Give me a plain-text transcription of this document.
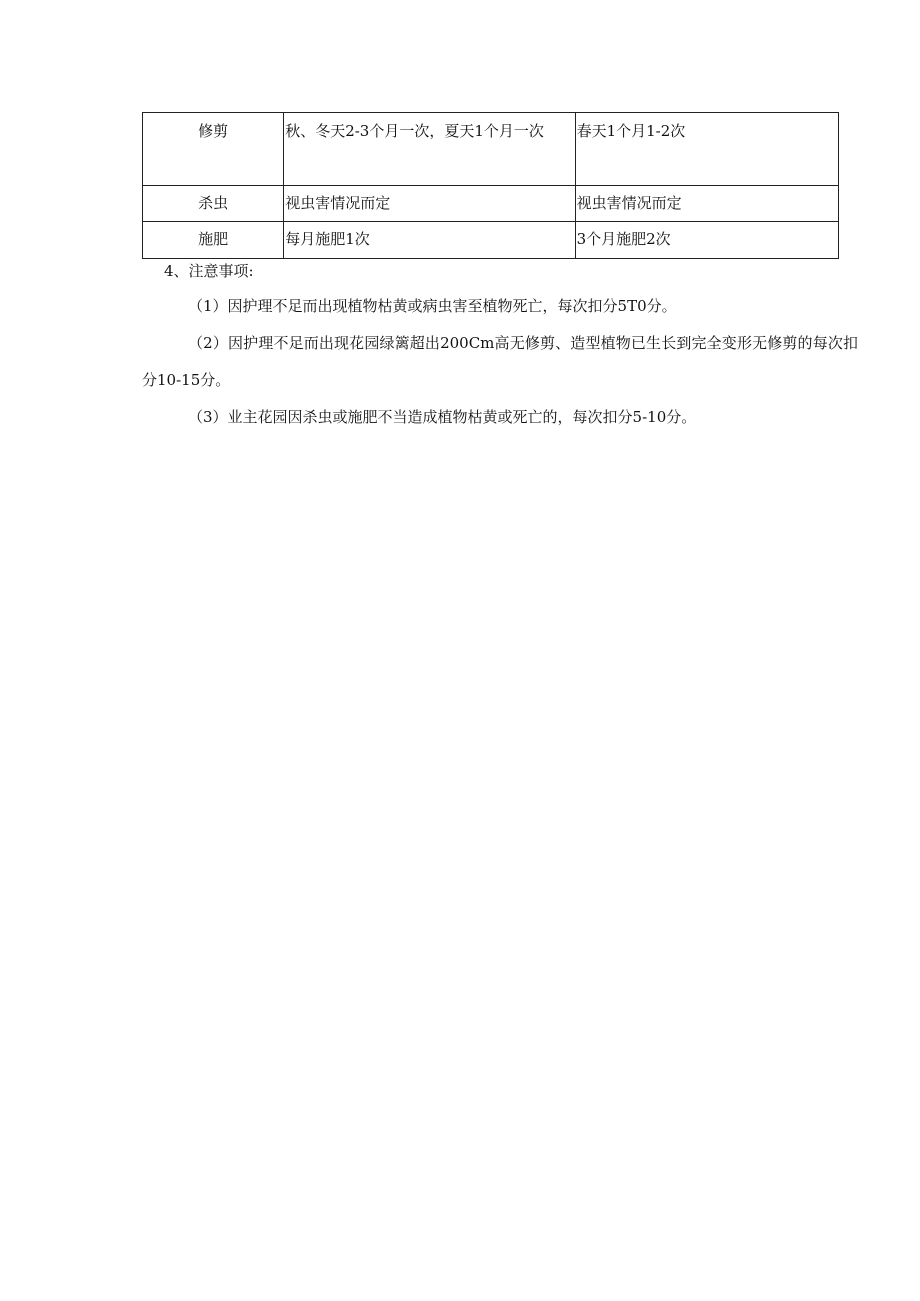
修剪	秋、冬天2-3个月一次，夏天1个月一次	春天1个月1-2次
杀虫	视虫害情况而定	视虫害情况而定
施肥	每月施肥1次	3个月施肥2次

4、注意事项:

（1）因护理不足而出现植物枯黄或病虫害至植物死亡，每次扣分5T0分。

（2）因护理不足而出现花园绿篱超出200Cm高无修剪、造型植物已生长到完全变形无修剪的每次扣分10-15分。

（3）业主花园因杀虫或施肥不当造成植物枯黄或死亡的，每次扣分5-10分。
